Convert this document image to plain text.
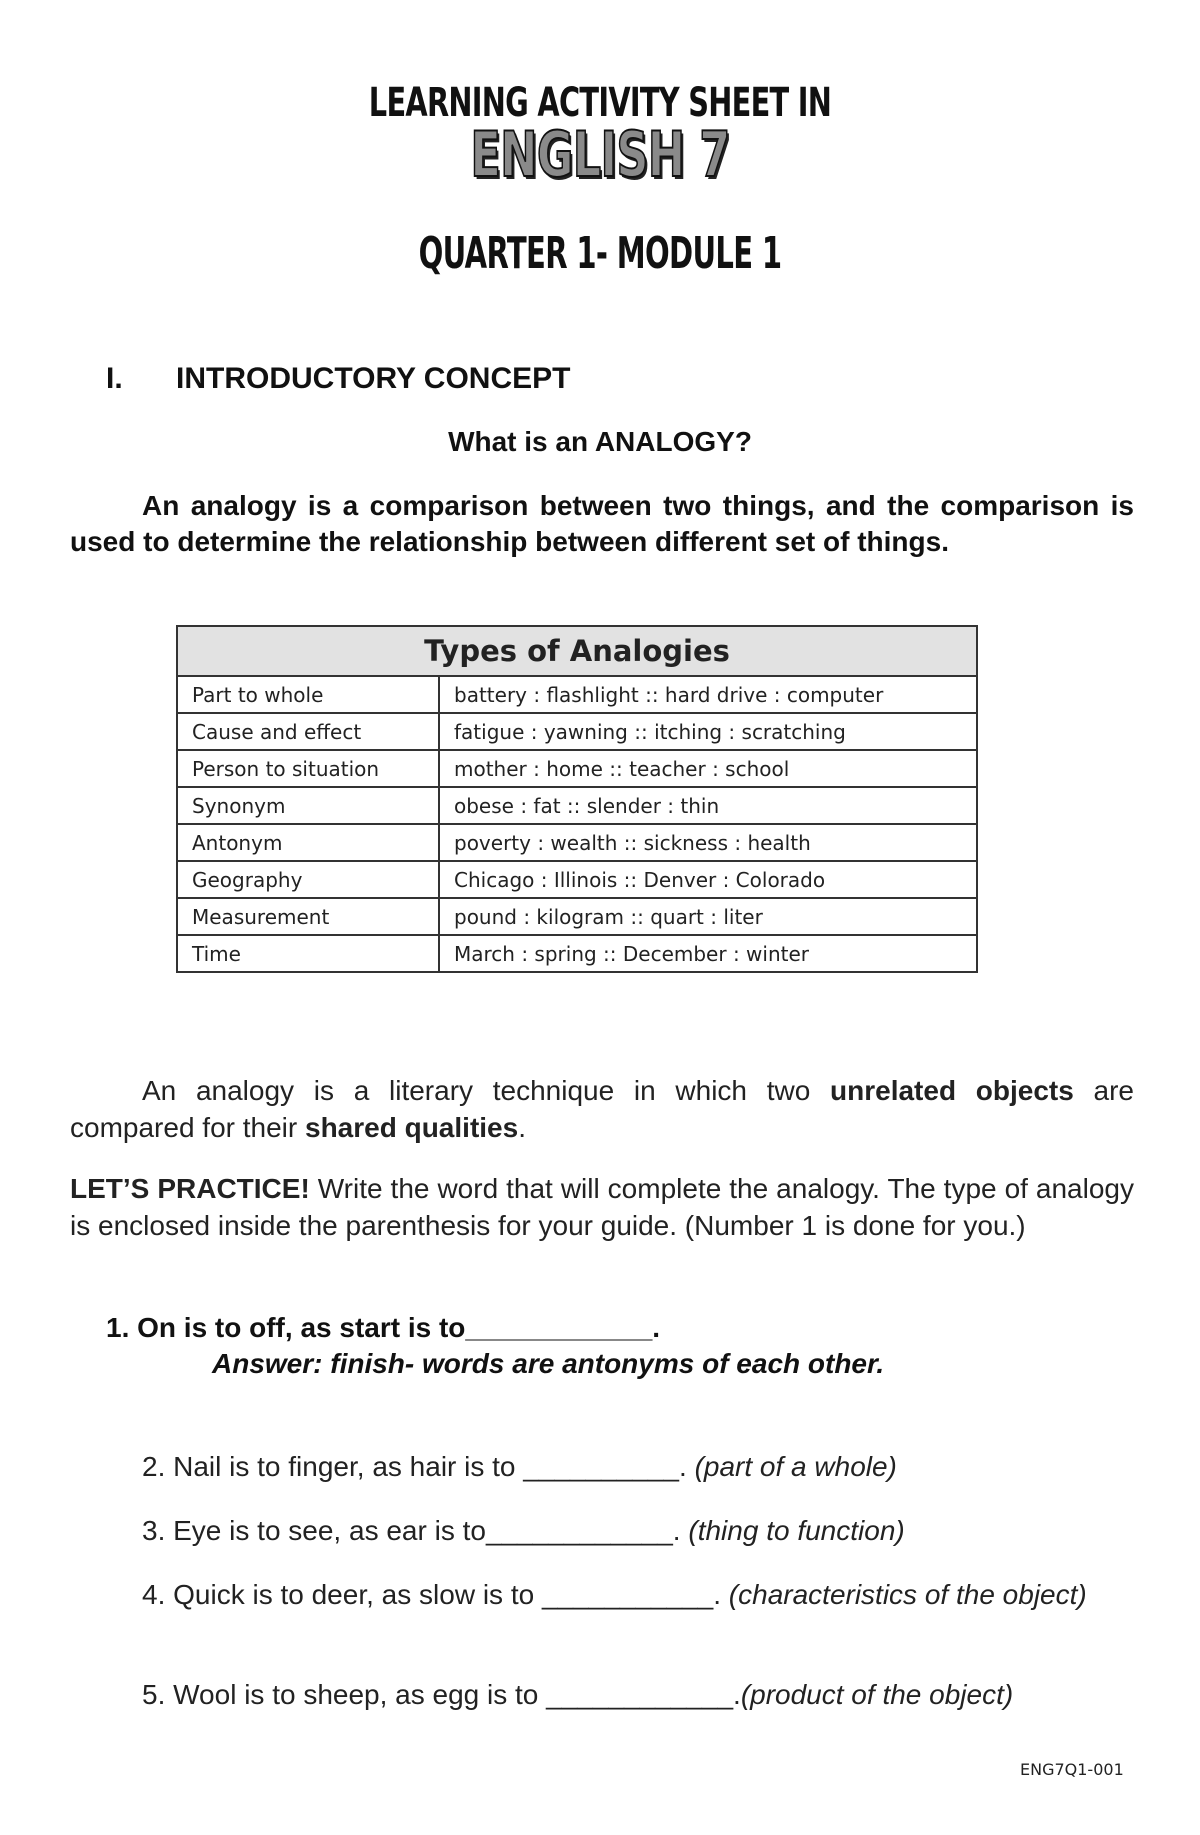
LEARNING ACTIVITY SHEET IN
ENGLISH 7
QUARTER 1- MODULE 1
I. INTRODUCTORY CONCEPT
What is an ANALOGY?
An analogy is a comparison between two things, and the comparison is used to determine the relationship between different set of things.
Types of Analogies	
Part to whole	battery : flashlight :: hard drive : computer
Cause and effect	fatigue : yawning :: itching : scratching
Person to situation	mother : home :: teacher : school
Synonym	obese : fat :: slender : thin
Antonym	poverty : wealth :: sickness : health
Geography	Chicago : Illinois :: Denver : Colorado
Measurement	pound : kilogram :: quart : liter
Time	March : spring :: December : winter
An analogy is a literary technique in which two unrelated objects are compared for their shared qualities.
LET’S PRACTICE! Write the word that will complete the analogy. The type of analogy is enclosed inside the parenthesis for your guide. (Number 1 is done for you.)
1. On is to off, as start is to____________.
Answer: finish- words are antonyms of each other.
2. Nail is to finger, as hair is to __________. (part of a whole)
3. Eye is to see, as ear is to____________. (thing to function)
4. Quick is to deer, as slow is to ___________. (characteristics of the object)
5. Wool is to sheep, as egg is to ____________.(product of the object)
ENG7Q1-001
